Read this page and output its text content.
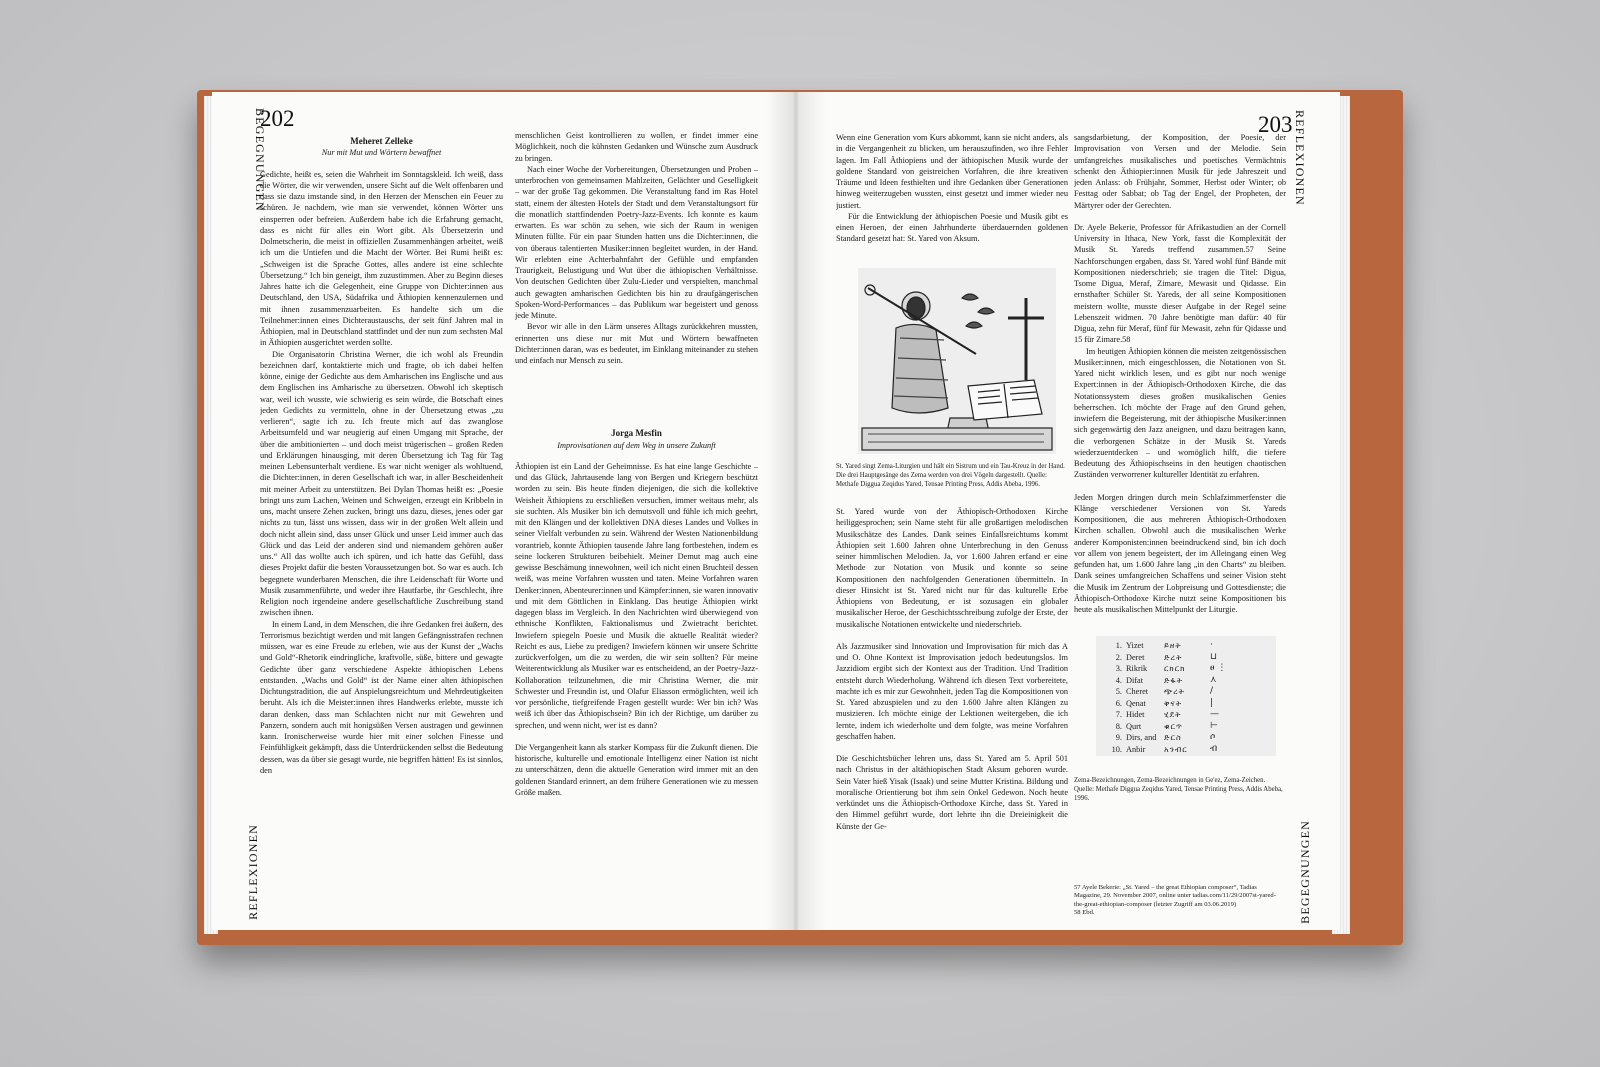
202
BEGEGNUNGEN
REFLEXIONEN
Meheret Zelleke
Nur mit Mut und Wörtern bewaffnet

Gedichte, heißt es, seien die Wahrheit im Sonntagskleid. Ich weiß, dass die Wörter, die wir verwenden, unsere Sicht auf die Welt offenbaren und dass sie dazu imstande sind, in den Herzen der Menschen ein Feuer zu schüren. Je nachdem, wie man sie verwendet, können Wörter uns einsperren oder befreien. Außerdem habe ich die Erfahrung gemacht, dass es nicht für alles ein Wort gibt. Als Übersetzerin und Dolmetscherin, die meist in offiziellen Zusammenhängen arbeitet, weiß ich um die Untiefen und die Macht der Wörter. Bei Rumi heißt es: „Schweigen ist die Sprache Gottes, alles andere ist eine schlechte Übersetzung.“ Ich bin geneigt, ihm zuzustimmen. Aber zu Beginn dieses Jahres hatte ich die Gelegenheit, eine Gruppe von Dichter:innen aus Deutschland, den USA, Südafrika und Äthiopien kennenzulernen und mit ihnen zusammenzuarbeiten. Es handelte sich um die Teilnehmer:innen eines Dichteraustauschs, der seit fünf Jahren mal in Äthiopien, mal in Deutschland stattfindet und der nun zum sechsten Mal in Äthiopien ausgerichtet werden sollte.

Die Organisatorin Christina Werner, die ich wohl als Freundin bezeichnen darf, kontaktierte mich und fragte, ob ich dabei helfen könne, einige der Gedichte aus dem Amharischen ins Englische und aus dem Englischen ins Amharische zu übersetzen. Obwohl ich skeptisch war, weil ich wusste, wie schwierig es sein würde, die Botschaft eines jeden Gedichts zu vermitteln, ohne in der Übersetzung etwas „zu verlieren“, sagte ich zu. Ich freute mich auf das zwanglose Arbeitsumfeld und war neugierig auf einen Umgang mit Sprache, der über die ambitionierten – und doch meist trügerischen – großen Reden und Erklärungen hinausging, mit deren Übersetzung ich Tag für Tag meinen Lebensunterhalt verdiene. Es war nicht weniger als wohltuend, die Dichter:innen, in deren Gesellschaft ich war, in aller Bescheidenheit mit meiner Arbeit zu unterstützen. Bei Dylan Thomas heißt es: „Poesie bringt uns zum Lachen, Weinen und Schweigen, erzeugt ein Kribbeln in uns, macht unsere Zehen zucken, bringt uns dazu, dieses, jenes oder gar nichts zu tun, lässt uns wissen, dass wir in der großen Welt allein und doch nicht allein sind, dass unser Glück und unser Leid immer auch das Glück und das Leid der anderen sind und niemandem gehören außer uns.“ All das wollte auch ich spüren, und ich hatte das Gefühl, dass dieses Projekt dafür die besten Voraussetzungen bot. So war es auch. Ich begegnete wunderbaren Menschen, die ihre Leidenschaft für Worte und Musik zusammenführte, und weder ihre Hautfarbe, ihr Geschlecht, ihre Religion noch irgendeine andere gesellschaftliche Zuschreibung stand zwischen ihnen.

In einem Land, in dem Menschen, die ihre Gedanken frei äußern, des Terrorismus bezichtigt werden und mit langen Gefängnisstrafen rechnen müssen, war es eine Freude zu erleben, wie aus der Kunst der „Wachs und Gold“-Rhetorik eindringliche, kraftvolle, süße, bittere und gewagte Gedichte über ganz verschiedene Aspekte äthiopischen Lebens entstanden. „Wachs und Gold“ ist der Name einer alten äthiopischen Dichtungstradition, die auf Anspielungsreichtum und Mehrdeutigkeiten beruht. Als ich die Meister:innen ihres Handwerks erlebte, musste ich daran denken, dass man Schlachten nicht nur mit Gewehren und Panzern, sondern auch mit honigsüßen Versen austragen und gewinnen kann. Ironischerweise wurde hier mit einer solchen Finesse und Feinfühligkeit gekämpft, dass die Unterdrückenden selbst die Bedeutung dessen, was da über sie gesagt wurde, nie begriffen hätten! Es ist sinnlos, den

menschlichen Geist kontrollieren zu wollen, er findet immer eine Möglichkeit, noch die kühnsten Gedanken und Wünsche zum Ausdruck zu bringen.

Nach einer Woche der Vorbereitungen, Übersetzungen und Proben – unterbrochen von gemeinsamen Mahlzeiten, Gelächter und Geselligkeit – war der große Tag gekommen. Die Veranstaltung fand im Ras Hotel statt, einem der ältesten Hotels der Stadt und dem Veranstaltungsort für die monatlich stattfindenden Poetry-Jazz-Events. Ich konnte es kaum erwarten. Es war schön zu sehen, wie sich der Raum in wenigen Minuten füllte. Für ein paar Stunden hatten uns die Dichter:innen, die von überaus talentierten Musiker:innen begleitet wurden, in der Hand. Wir erlebten eine Achterbahnfahrt der Gefühle und empfanden Traurigkeit, Belustigung und Wut über die äthiopischen Verhältnisse. Von deutschen Gedichten über Zulu-Lieder und verspielten, manchmal auch gewagten amharischen Gedichten bis hin zu draufgängerischen Spoken-Word-Performances – das Publikum war begeistert und genoss jede Minute.

Bevor wir alle in den Lärm unseres Alltags zurückkehren mussten, erinnerten uns diese nur mit Mut und Wörtern bewaffneten Dichter:innen daran, was es bedeutet, im Einklang miteinander zu stehen und einfach nur Mensch zu sein.

Jorga Mesfin
Improvisationen auf dem Weg in unsere Zukunft

Äthiopien ist ein Land der Geheimnisse. Es hat eine lange Geschichte – und das Glück, Jahrtausende lang von Bergen und Kriegern beschützt worden zu sein. Bis heute finden diejenigen, die sich die kollektive Weisheit Äthiopiens zu erschließen versuchen, immer weitaus mehr, als sie suchten. Als Musiker bin ich demutsvoll und fühle ich mich geehrt, mit den Klängen und der kollektiven DNA dieses Landes und Volkes in seiner Vielfalt verbunden zu sein. Während der Westen Nationenbildung vorantrieb, konnte Äthiopien tausende Jahre lang fortbestehen, indem es seine lockeren Strukturen beibehielt. Meiner Demut mag auch eine gewisse Beschämung innewohnen, weil ich nicht einen Bruchteil dessen weiß, was meine Vorfahren wussten und taten. Meine Vorfahren waren Denker:innen, Abenteurer:innen und Kämpfer:innen, sie waren innovativ und mit dem Göttlichen in Einklang. Das heutige Äthiopien wirkt dagegen blass im Vergleich. In den Nachrichten wird überwiegend von ethnische Konflikten, Faktionalismus und Zwietracht berichtet. Inwiefern spiegeln Poesie und Musik die aktuelle Realität wieder? Reicht es aus, Liebe zu predigen? Inwiefern können wir unsere Schritte zurückverfolgen, um die zu werden, die wir sein sollten? Für meine Weiterentwicklung als Musiker war es entscheidend, an der Poetry-Jazz-Kollaboration teilzunehmen, die mir Christina Werner, die mir Schwester und Freundin ist, und Olafur Eliasson ermöglichten, weil ich vor persönliche, tiefgreifende Fragen gestellt wurde: Wer bin ich? Was weiß ich über das Äthiopischsein? Bin ich der Richtige, um darüber zu sprechen, und wenn nicht, wer ist es dann?

Die Vergangenheit kann als starker Kompass für die Zukunft dienen. Die historische, kulturelle und emotionale Intelligenz einer Nation ist nicht zu unterschätzen, denn die aktuelle Generation wird immer mit an den goldenen Standard erinnert, an dem frühere Generationen wie zu messen Größe maßen.

203 REFLEXIONEN
BEGEGNUNGEN

Wenn eine Generation vom Kurs abkommt, kann sie nicht anders, als in die Vergangenheit zu blicken, um herauszufinden, wo ihre Fehler lagen. Im Fall Äthiopiens und der äthiopischen Musik wurde der goldene Standard von geistreichen Vorfahren, die ihre kreativen Träume und Ideen festhielten und ihre Gedanken über Generationen hinweg weiterzugeben wussten, einst gesetzt und immer wieder neu justiert.

Für die Entwicklung der äthiopischen Poesie und Musik gibt es einen Heroen, der einen Jahrhunderte überdauernden goldenen Standard gesetzt hat: St. Yared von Aksum.

St. Yared singt Zema-Liturgien und hält ein Sistrum und ein Tau-Kreuz in der Hand. Die drei Hauptgesänge des Zema werden von drei Vögeln dargestellt. Quelle: Methafe Diggua Zeqidus Yared, Tensae Printing Press, Addis Abeba, 1996.

St. Yared wurde von der Äthiopisch-Orthodoxen Kirche heiliggesprochen; sein Name steht für alle großartigen melodischen Musikschätze des Landes. Dank seines Einfallsreichtums kommt Äthiopien seit 1.600 Jahren ohne Unterbrechung in den Genuss seiner himmlischen Melodien. Ja, vor 1.600 Jahren erfand er eine Methode zur Notation von Musik und konnte so seine Kompositionen den nachfolgenden Generationen übermitteln. In dieser Hinsicht ist St. Yared nicht nur für das kulturelle Erbe Äthiopiens von Bedeutung, er ist sozusagen ein globaler musikalischer Heroe, der Geschichtsschreibung zufolge der Erste, der musikalische Notationen entwickelte und niederschrieb.

Als Jazzmusiker sind Innovation und Improvisation für mich das A und O. Ohne Kontext ist Improvisation jedoch bedeutungslos. Im Jazzidiom ergibt sich der Kontext aus der Tradition. Und Tradition entsteht durch Wiederholung. Während ich diesen Text vorbereitete, machte ich es mir zur Gewohnheit, jeden Tag die Kompositionen von St. Yared abzuspielen und zu den 1.600 Jahre alten Klängen zu musizieren. Ich möchte einige der Lektionen weitergeben, die ich lernte, indem ich wiederholte und dem folgte, was meine Vorfahren geschaffen haben.

Die Geschichtsbücher lehren uns, dass St. Yared am 5. April 501 nach Christus in der altäthiopischen Stadt Aksum geboren wurde. Sein Vater hieß Yisak (Isaak) und seine Mutter Kristina. Bildung und moralische Orientierung bot ihm sein Onkel Gedewon. Noch heute verkündet uns die Äthiopisch-Orthodoxe Kirche, dass St. Yared in den Himmel geführt wurde, dort lehrte ihn die Dreieinigkeit die Künste der Ge-

sangsdarbietung, der Komposition, der Poesie, der Improvisation von Versen und der Melodie. Sein umfangreiches musikalisches und poetisches Vermächtnis schenkt den Äthiopier:innen Musik für jede Jahreszeit und jeden Anlass: ob Frühjahr, Sommer, Herbst oder Winter; ob Festtag oder Sabbat; ob Tag der Engel, der Propheten, der Märtyrer oder der Gerechten.

Dr. Ayele Bekerie, Professor für Afrikastudien an der Cornell University in Ithaca, New York, fasst die Komplexität der Musik St. Yareds treffend zusammen.57 Seine Nachforschungen ergaben, dass St. Yared wohl fünf Bände mit Kompositionen niederschrieb; sie tragen die Titel: Digua, Tsome Digua, Meraf, Zimare, Mewasit und Qidasse. Ein ernsthafter Schüler St. Yareds, der all seine Kompositionen meistern wollte, musste dieser Aufgabe in der Regel seine Lebenszeit widmen. 70 Jahre benötigte man dafür: 40 für Digua, zehn für Meraf, fünf für Mewasit, zehn für Qidasse und 15 für Zimare.58

Im heutigen Äthiopien können die meisten zeitgenössischen Musiker:innen, mich eingeschlossen, die Notationen von St. Yared nicht wirklich lesen, und es gibt nur noch wenige Expert:innen in der Äthiopisch-Orthodoxen Kirche, die das Notationssystem dieses großen musikalischen Genies beherrschen. Ich möchte der Frage auf den Grund gehen, inwiefern die Begeisterung, mit der äthiopische Musiker:innen sich gegenwärtig den Jazz aneignen, und dazu beitragen kann, die verborgenen Schätze in der Musik St. Yareds wiederzuentdecken – und womöglich hilft, die tiefere Bedeutung des Äthiopischseins in den heutigen chaotischen Zuständen verworrener kultureller Identität zu erfahren.

Jeden Morgen dringen durch mein Schlafzimmerfenster die Klänge verschiedener Versionen von St. Yareds Kompositionen, die aus mehreren Äthiopisch-Orthodoxen Kirchen schallen. Obwohl auch die musikalischen Werke anderer Komponisten:innen beeindruckend sind, bin ich doch vor allem von jenem begeistert, der im Alleingang einen Weg gefunden hat, um 1.600 Jahre lang „in den Charts“ zu bleiben. Dank seines umfangreichen Schaffens und seiner Vision steht die Musik im Zentrum der Lobpreisung und Gottesdienste; die Äthiopisch-Orthodoxe Kirche nutzt seine Kompositionen bis heute als musikalischen Mittelpunkt der Liturgie.

1. Yizet	ይዘት	·
2. Deret	ድረት	⊔
3. Rikrik	ርክርክ	ፀ ⋮
4. Difat	ድፋት	⋏
5. Cheret	ጭረት	/
6. Qenat	ቅናት	|
7. Hidet	ሂደት	—
8. Qurt	ቁርጥ	⊢
9. Dirs, and ድርስ	ሶ
10. Anbir	አንብር	ብ
Zema-Bezeichnungen, Zema-Bezeichnungen in Ge'ez, Zema-Zeichen. Quelle: Methafe Diggua Zeqidus Yared, Tensae Printing Press, Addis Abeba, 1996.
57 Ayele Bekerie: „St. Yared – the great Ethiopian composer“, Tadias Magazine, 29. November 2007, online unter tadias.com/11/29/2007st-yared-the-great-ethiopian-composer (letzter Zugriff am 03.06.2019)
58 Ebd.
